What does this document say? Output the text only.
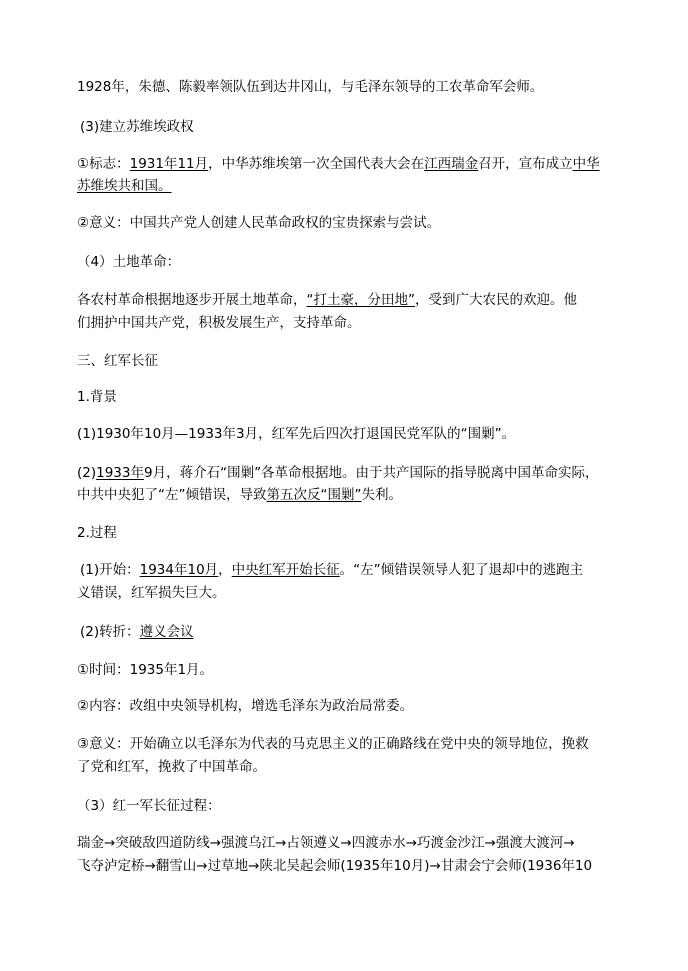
1928年，朱德、陈毅率领队伍到达井冈山，与毛泽东领导的工农革命军会师。
(3)建立苏维埃政权
①标志：1931年11月，中华苏维埃第一次全国代表大会在江西瑞金召开，宣布成立中华
苏维埃共和国。
②意义：中国共产党人创建人民革命政权的宝贵探索与尝试。
（4）土地革命：
各农村革命根据地逐步开展土地革命，“打土豪，分田地”，受到广大农民的欢迎。他
们拥护中国共产党，积极发展生产，支持革命。
三、红军长征
1.背景
(1)1930年10月—1933年3月，红军先后四次打退国民党军队的“围剿”。
(2)1933年9月，蒋介石“围剿”各革命根据地。由于共产国际的指导脱离中国革命实际，
中共中央犯了“左”倾错误，导致第五次反“围剿”失利。
2.过程
(1)开始：1934年10月，中央红军开始长征。“左”倾错误领导人犯了退却中的逃跑主
义错误，红军损失巨大。
(2)转折：遵义会议
①时间：1935年1月。
②内容：改组中央领导机构，增选毛泽东为政治局常委。
③意义：开始确立以毛泽东为代表的马克思主义的正确路线在党中央的领导地位，挽救
了党和红军，挽救了中国革命。
（3）红一军长征过程：
瑞金→突破敌四道防线→强渡乌江→占领遵义→四渡赤水→巧渡金沙江→强渡大渡河→
飞夺泸定桥→翻雪山→过草地→陕北吴起会师(1935年10月)→甘肃会宁会师(1936年10
